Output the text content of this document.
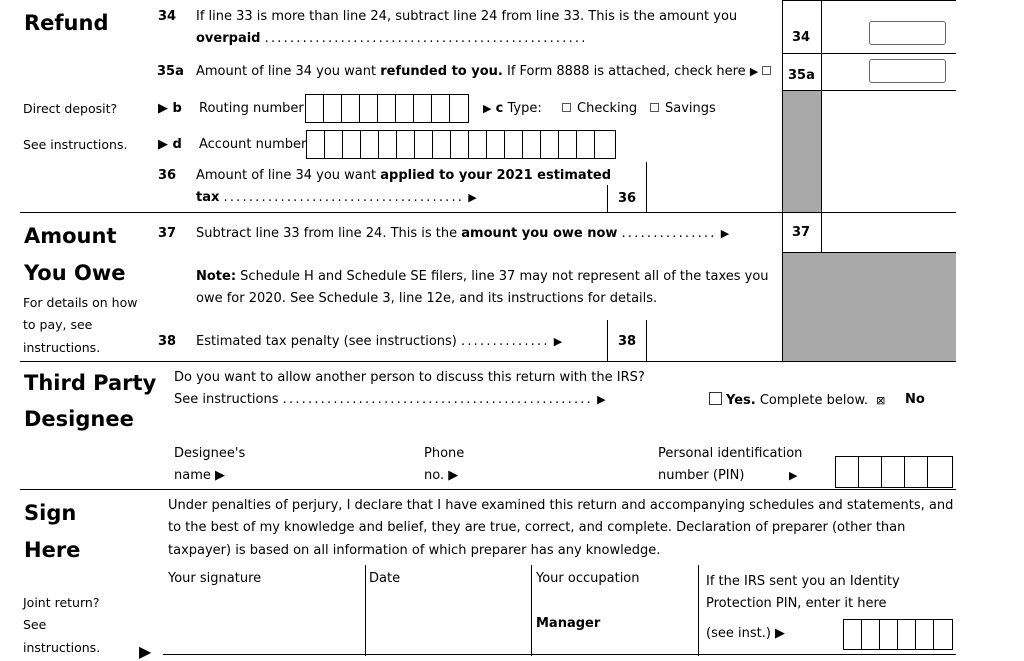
Refund
Direct deposit?
See instructions.
34 If line 33 is more than line 24, subtract line 24 from line 33. This is the amount you
overpaid ...................................................	34
35a Amount of line 34 you want refunded to you. If Form 8888 is attached, check here ▶	35a
▶ b Routing number	▶ c Type:	Checking	Savings
▶ d Account number
36 Amount of line 34 you want applied to your 2021 estimated
tax ...................................... ▶	36
Amount
You Owe
For details on how
to pay, see
instructions.
37 Subtract line 33 from line 24. This is the amount you owe now ............... ▶	37
Note: Schedule H and Schedule SE filers, line 37 may not represent all of the taxes you
owe for 2020. See Schedule 3, line 12e, and its instructions for details.
38 Estimated tax penalty (see instructions) .............. ▶	38
Third Party
Designee
Do you want to allow another person to discuss this return with the IRS?
See instructions ................................................. ▶	Yes. Complete below. ⊠ No
Designee's
name ▶
Phone
no. ▶
Personal identification
number (PIN)	▶
Sign
Here
Joint return?
See
instructions. ▶
Under penalties of perjury, I declare that I have examined this return and accompanying schedules and statements, and
to the best of my knowledge and belief, they are true, correct, and complete. Declaration of preparer (other than
taxpayer) is based on all information of which preparer has any knowledge.
Your signature	Date	Your occupation
Manager
If the IRS sent you an Identity
Protection PIN, enter it here
(see inst.) ▶
